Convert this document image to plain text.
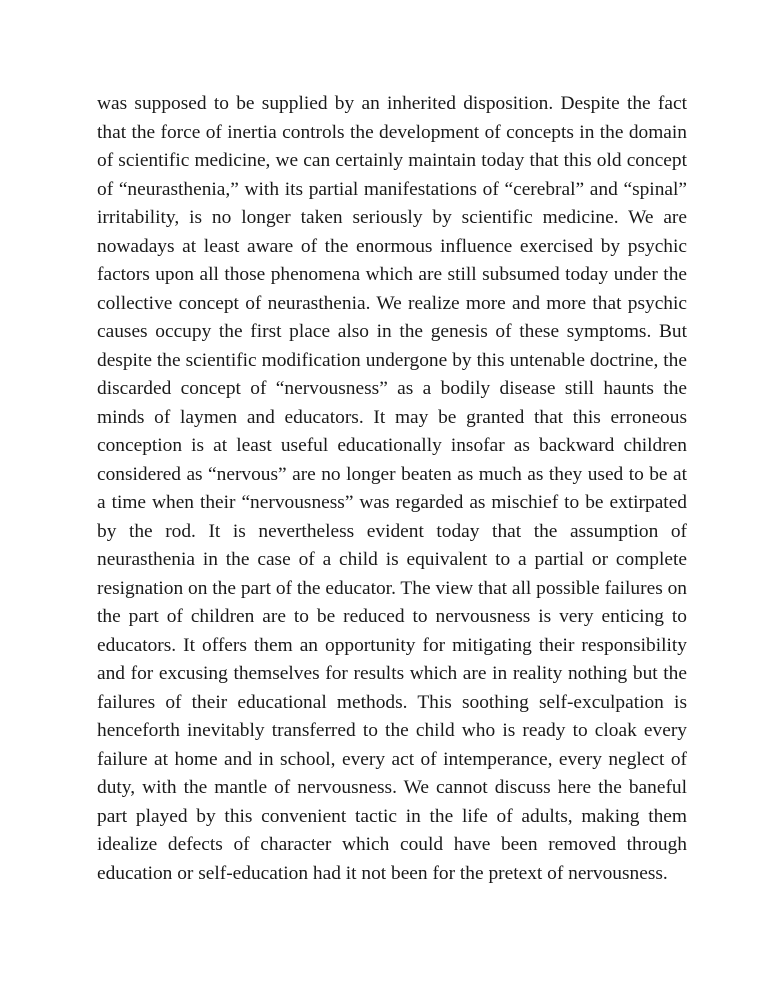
was supposed to be supplied by an inherited disposition. Despite the fact
that the force of inertia controls the development of concepts in the domain
of scientific medicine, we can certainly maintain today that this old concept
of “neurasthenia,” with its partial manifestations of “cerebral” and “spinal”
irritability, is no longer taken seriously by scientific medicine. We are
nowadays at least aware of the enormous influence exercised by psychic
factors upon all those phenomena which are still subsumed today under the
collective concept of neurasthenia. We realize more and more that psychic
causes occupy the first place also in the genesis of these symptoms. But
despite the scientific modification undergone by this untenable doctrine, the
discarded concept of “nervousness” as a bodily disease still haunts the
minds of laymen and educators. It may be granted that this erroneous
conception is at least useful educationally insofar as backward children
considered as “nervous” are no longer beaten as much as they used to be at
a time when their “nervousness” was regarded as mischief to be extirpated
by the rod. It is nevertheless evident today that the assumption of
neurasthenia in the case of a child is equivalent to a partial or complete
resignation on the part of the educator. The view that all possible failures on
the part of children are to be reduced to nervousness is very enticing to
educators. It offers them an opportunity for mitigating their responsibility
and for excusing themselves for results which are in reality nothing but the
failures of their educational methods. This soothing self-exculpation is
henceforth inevitably transferred to the child who is ready to cloak every
failure at home and in school, every act of intemperance, every neglect of
duty, with the mantle of nervousness. We cannot discuss here the baneful
part played by this convenient tactic in the life of adults, making them
idealize defects of character which could have been removed through
education or self-education had it not been for the pretext of nervousness.
